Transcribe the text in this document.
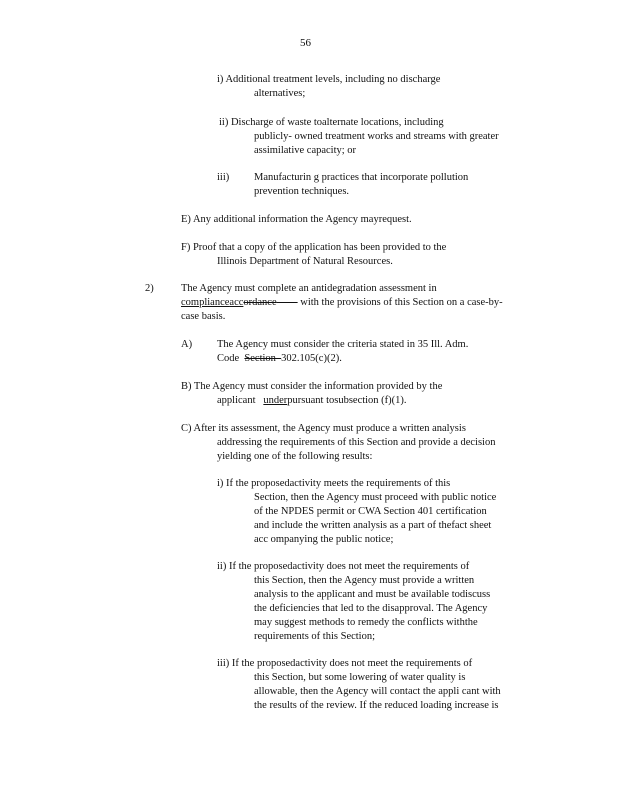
56
i) Additional treatment levels, including no discharge
alternatives;
ii) Discharge of waste toalternate locations, including
publicly- owned treatment works and streams with greater
assimilative capacity; or
iii) Manufacturin g practices that incorporate pollution
prevention techniques.
E) Any additional information the Agency mayrequest.
F) Proof that a copy of the application has been provided to the
Illinois Department of Natural Resources.
2)	The Agency must complete an antidegradation assessment in
complianceaccordance with the provisions of this Section on a case-by-
case basis.
A) The Agency must consider the criteria stated in 35 Ill. Adm.
Code  Section  302.105(c)(2).
B) The Agency must consider the information provided by the
applicant   underpursuant tosubsection (f)(1).
C) After its assessment, the Agency must produce a written analysis
addressing the requirements of this Section and provide a decision
yielding one of the following results:
i) If the proposedactivity meets the requirements of this
Section, then the Agency must proceed with public notice
of the NPDES permit or CWA Section 401 certification
and include the written analysis as a part of thefact sheet
acc ompanying the public notice;
ii) If the proposedactivity does not meet the requirements of
this Section, then the Agency must provide a written
analysis to the applicant and must be available todiscuss
the deficiencies that led to the disapproval. The Agency
may suggest methods to remedy the conflicts withthe
requirements of this Section;
iii) If the proposedactivity does not meet the requirements of
this Section, but some lowering of water quality is
allowable, then the Agency will contact the appli cant with
the results of the review. If the reduced loading increase is
